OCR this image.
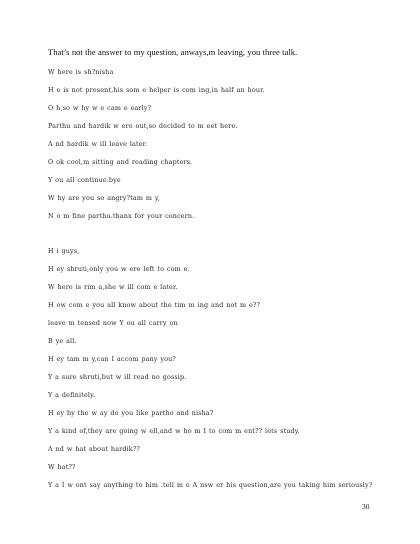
That’s not the answer to my question, anways,m leaving, you three talk.
W here is sh?nisha
H e is not present,his som e helper is com ing,in half an hour.
O h,so w hy w e cam e early?
Parthu and hardik w ere out,so decided to m eet here.
A nd hardik w ill leave later.
O ok cool,m sitting and reading chapters.
Y ou all continue.bye
W hy are you so angry?tam m y,
N o m fine parthu.thanx for your concern.
H i guys,
H ey shruti,only you w ere left to com e.
W here is rim a,she w ill com e later.
H ow com e you all know about the tim m ing and not m e??
leave m tensed now Y ou all carry on
B ye all.
H ey tam m y,can I accom pany you?
Y a sure shruti,but w ill read no gossip.
Y a definitely.
H ey by the w ay do you like partho and nisha?
Y a kind of,they are going w ell,and w ho m I to com m ent?? lets study.
A nd w hat about hardik??
W hat??
Y a I w ont say anything to him .tell m e A nsw er his question,are you taking him seriously?
30
